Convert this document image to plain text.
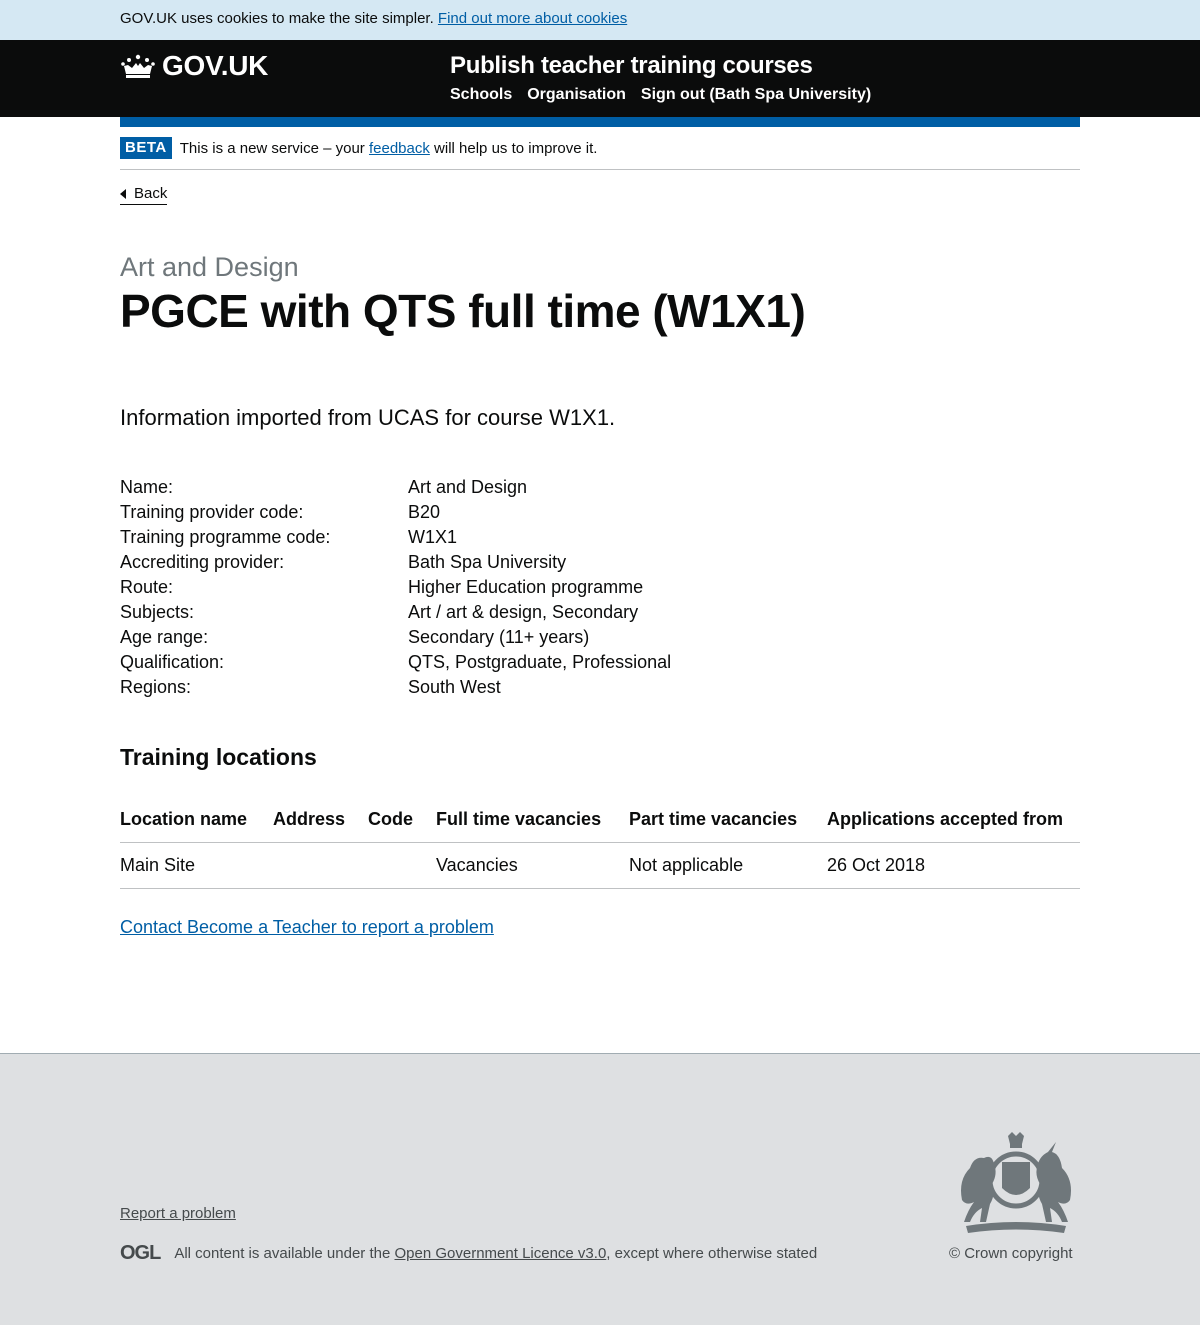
GOV.UK uses cookies to make the site simpler. Find out more about cookies
GOV.UK	Publish teacher training courses
Schools Organisation Sign out (Bath Spa University)
BETA This is a new service – your
feedback
will help us to improve it.
Back
Art and Design
PGCE with QTS full time (W1X1)

Information imported from UCAS for course W1X1.

Name:	Art and Design
Training provider code:	B20
Training programme code:	W1X1
Accrediting provider:	Bath Spa University
Route:	Higher Education programme
Subjects:	Art / art & design, Secondary
Age range:	Secondary (11+ years)
Qualification:	QTS, Postgraduate, Professional
Regions:	South West
Training locations
Location name	Address	Code	Full time vacancies	Part time vacancies	Applications accepted from
Main Site			Vacancies	Not applicable	26 Oct 2018
Contact Become a Teacher to report a problem
Report a problem
OGL All content is available under the
Open Government Licence v3.0 , except where otherwise stated	© Crown copyright
